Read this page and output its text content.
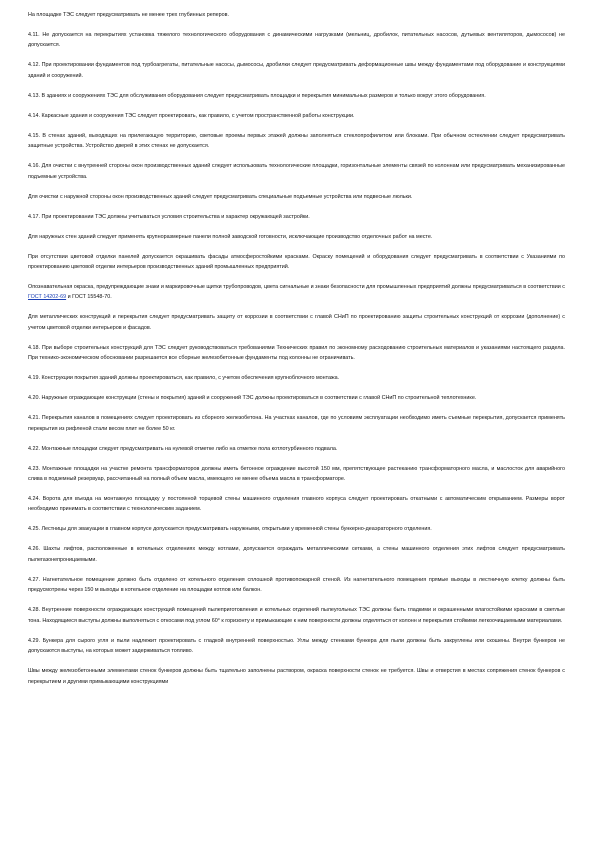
На площадке ТЭС следует предусматривать не менее трех глубинных реперов.

4.11. Не допускается на перекрытиях установка тяжелого технологического оборудования с динамическими нагрузками (мельниц, дробилок, питательных насосов, дутьевых вентиляторов, дымососов) не допускается.

4.12. При проектировании фундаментов под турбоагрегаты, питательные насосы, дымососы, дробилки следует предусматривать деформационные швы между фундаментами под оборудование и конструкциями зданий и сооружений.

4.13. В зданиях и сооружениях ТЭС для обслуживания оборудования следует предусматривать площадки и перекрытия минимальных размеров и только вокруг этого оборудования.

4.14. Каркасные здания и сооружения ТЭС следует проектировать, как правило, с учетом пространственной работы конструкции.

4.15. В стенах зданий, выходящих на прилегающую территорию, световые проемы первых этажей должны заполняться стеклопрофилитом или блоками. При обычном остеклении следует предусматривать защитные устройства. Устройство дверей в этих стенах не допускается.

4.16. Для очистки с внутренней стороны окон производственных зданий следует использовать технологические площадки, горизонтальные элементы связей по колоннам или предусматривать механизированные подъемные устройства.

Для очистки с наружной стороны окон производственных зданий следует предусматривать специальные подъемные устройства или подвесные люльки.

4.17. При проектировании ТЭС должны учитываться условия строительства и характер окружающей застройки.

Для наружных стен зданий следует применять крупноразмерные панели полной заводской готовности, исключающие производство отделочных работ на месте.

При отсутствии цветовой отделки панелей допускается окрашивать фасады атмосферостойкими красками. Окраску помещений и оборудования следует предусматривать в соответствии с Указаниями по проектированию цветовой отделки интерьеров производственных зданий промышленных предприятий.

Опознавательная окраска, предупреждающие знаки и маркировочные щитки трубопроводов, цвета сигнальные и знаки безопасности для промышленных предприятий должны предусматриваться в соответствии с ГОСТ 14202-69 и ГОСТ 15548-70.

Для металлических конструкций и перекрытия следует предусматривать защиту от коррозии в соответствии с главой СНиП по проектированию защиты строительных конструкций от коррозии (дополнение) с учетом цветовой отделки интерьеров и фасадов.

4.18. При выборе строительных конструкций для ТЭС следует руководствоваться требованиями Технических правил по экономному расходованию строительных материалов и указаниями настоящего раздела. При технико-экономическом обосновании разрешается все сборные железобетонные фундаменты под колонны не ограничивать.

4.19. Конструкции покрытия зданий должны проектироваться, как правило, с учетом обеспечения крупноблочного монтажа.

4.20. Наружные ограждающие конструкции (стены и покрытия) зданий и сооружений ТЭС должны проектироваться в соответствии с главой СНиП по строительной теплотехнике.

4.21. Перекрытия каналов в помещениях следует проектировать из сборного железобетона. На участках каналов, где по условиям эксплуатации необходимо иметь съемные перекрытия, допускается применять перекрытия из рифленой стали весом плит не более 50 кг.

4.22. Монтажные площадки следует предусматривать на нулевой отметке либо на отметке пола котлотурбинного подвала.

4.23. Монтажные площадки на участке ремонта трансформаторов должны иметь бетонное ограждение высотой 150 мм, препятствующее растеканию трансформаторного масла, и маслосток для аварийного слива в подземный резервуар, рассчитанный на полный объем масла, имеющего не менее объема масла в трансформаторе.

4.24. Ворота для въезда на монтажную площадку у постоянной торцевой стены машинного отделения главного корпуса следует проектировать откатными с автоматическим открыванием. Размеры ворот необходимо принимать в соответствии с технологическим заданием.

4.25. Лестницы для эвакуации в главном корпусе допускается предусматривать наружными, открытыми у временной стены бункерно-деаэраторного отделения.

4.26. Шахты лифтов, расположенные в котельных отделениях между котлами, допускается ограждать металлическими сетками, а стены машинного отделения этих лифтов следует предусматривать пылегазонепроницаемыми.

4.27. Нагнетательное помещение должно быть отделено от котельного отделения сплошной противопожарной стеной. Из нагнетательного помещения прямые выходы в лестничную клетку должны быть предусмотрены через 150 м выходы в котельное отделение на площадки котлов или балкон.

4.28. Внутренние поверхности ограждающих конструкций помещений пылеприготовления и котельных отделений пылеугольных ТЭС должны быть гладкими и окрашенными влагостойкими красками в светлые тона. Находящиеся выступы должны выполняться с откосами под углом 60° к горизонту и примыкающие к ним поверхности должны отделяться от колонн и перекрытия стойкими легкоочищаемыми материалами.

4.29. Бункера для сырого угля и пыли надлежит проектировать с гладкой внутренней поверхностью. Углы между стенками бункера для пыли должны быть закруглены или скошены. Внутри бункеров не допускаются выступы, на которых может задерживаться топливо.

Швы между железобетонными элементами стенок бункеров должны быть тщательно заполнены раствором, окраска поверхности стенок не требуется. Швы и отверстия в местах сопряжения стенок бункеров с перекрытием и другими примыкающими конструкциями
